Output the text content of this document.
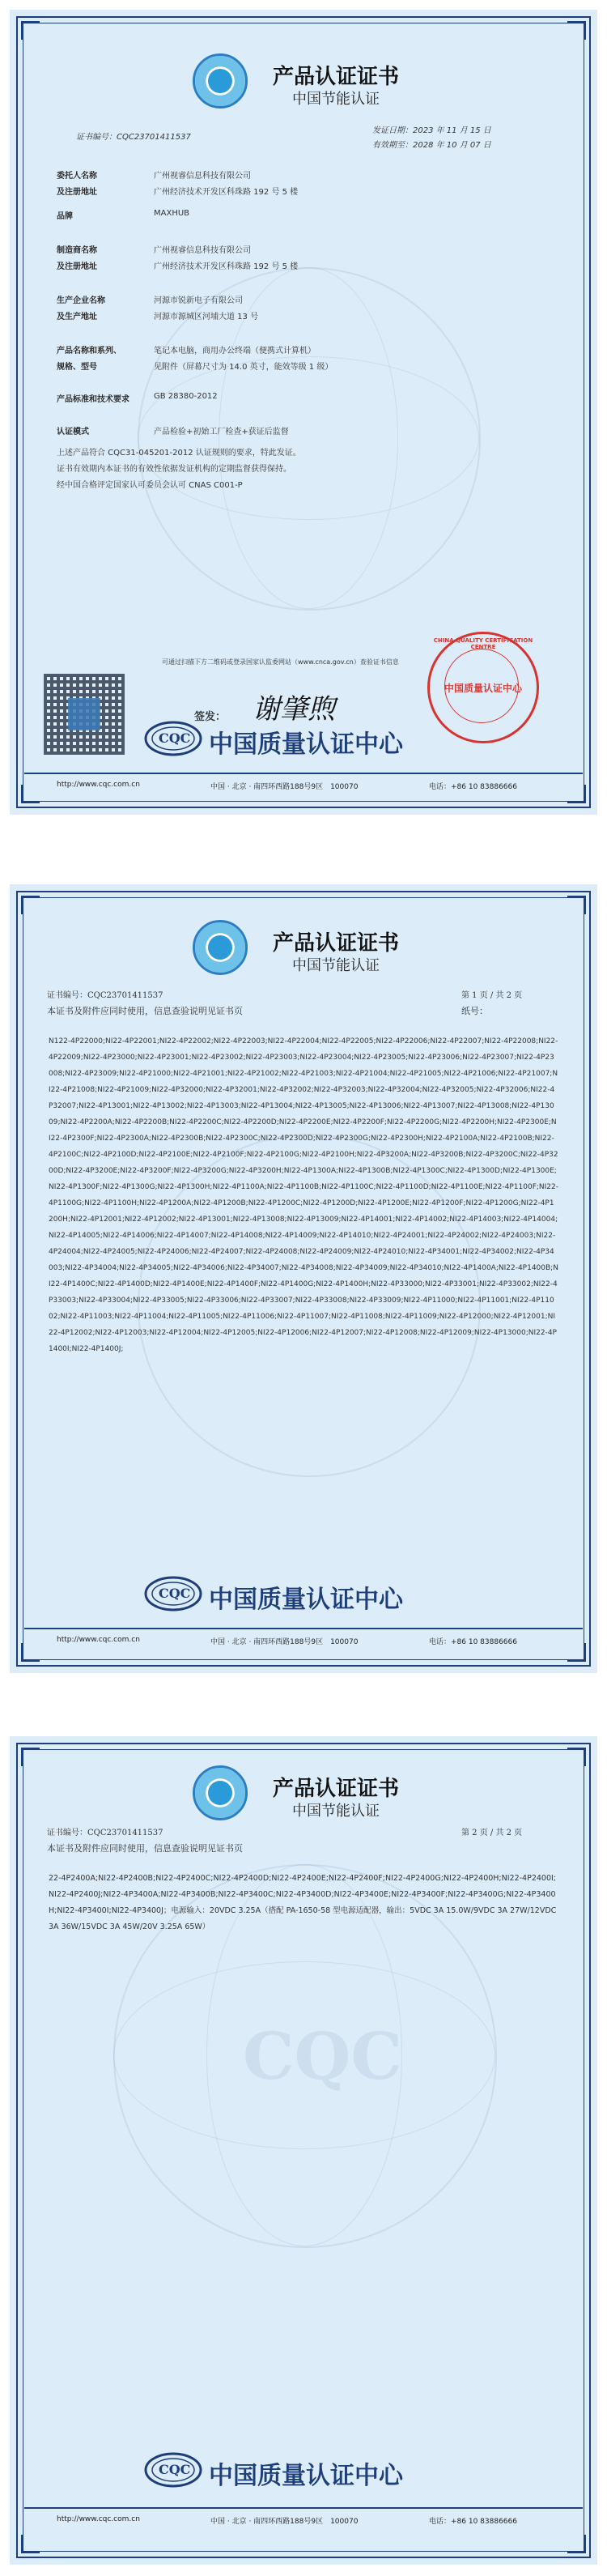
产品认证证书
中国节能认证
证书编号：CQC23701411537
发证日期：2023 年 11 月 15 日
有效期至：2028 年 10 月 07 日
委托人名称	广州视睿信息科技有限公司
及注册地址	广州经济技术开发区科珠路 192 号 5 楼
品牌	MAXHUB
制造商名称	广州视睿信息科技有限公司
及注册地址	广州经济技术开发区科珠路 192 号 5 楼
生产企业名称	河源市锐新电子有限公司
及生产地址	河源市源城区河埔大道 13 号
产品名称和系列、	笔记本电脑，商用办公终端（便携式计算机）
规格、型号	见附件（屏幕尺寸为 14.0 英寸，能效等级 1 级）
产品标准和技术要求	GB 28380-2012
认证模式	产品检验+初始工厂检查+获证后监督
上述产品符合 CQC31-045201-2012 认证规则的要求，特此发证。
证书有效期内本证书的有效性依据发证机构的定期监督获得保持。
经中国合格评定国家认可委员会认可 CNAS C001-P
可通过扫描下方二维码或登录国家认监委网站（www.cnca.gov.cn）查验证书信息
签发： 谢肇煦
CHINA QUALITY CERTIFICATION CENTRE
中国质量认证中心
CQC 中国质量认证中心
http://www.cqc.com.cn	中国 · 北京 · 南四环西路188号9区　100070	电话：+86 10 83886666
产品认证证书
中国节能认证
证书编号：CQC23701411537	第 1 页 / 共 2 页
本证书及附件应同时使用，信息查验说明见证书页	纸号：
N122-4P22000;NI22-4P22001;NI22-4P22002;NI22-4P22003;NI22-4P22004;NI22-4P22005;NI22-4P22006;NI22-4P22007;NI22-4P22008;NI22-4P22009;NI22-4P23000;NI22-4P23001;NI22-4P23002;NI22-4P23003;NI22-4P23004;NI22-4P23005;NI22-4P23006;NI22-4P23007;NI22-4P23008;NI22-4P23009;NI22-4P21000;NI22-4P21001;NI22-4P21002;NI22-4P21003;NI22-4P21004;NI22-4P21005;NI22-4P21006;NI22-4P21007;NI22-4P21008;NI22-4P21009;NI22-4P32000;NI22-4P32001;NI22-4P32002;NI22-4P32003;NI22-4P32004;NI22-4P32005;NI22-4P32006;NI22-4P32007;NI22-4P13001;NI22-4P13002;NI22-4P13003;NI22-4P13004;NI22-4P13005;NI22-4P13006;NI22-4P13007;NI22-4P13008;NI22-4P13009;NI22-4P2200A;NI22-4P2200B;NI22-4P2200C;NI22-4P2200D;NI22-4P2200E;NI22-4P2200F;NI22-4P2200G;NI22-4P2200H;NI22-4P2300E;NI22-4P2300F;NI22-4P2300A;NI22-4P2300B;NI22-4P2300C;NI22-4P2300D;NI22-4P2300G;NI22-4P2300H;NI22-4P2100A;NI22-4P2100B;NI22-4P2100C;NI22-4P2100D;NI22-4P2100E;NI22-4P2100F;NI22-4P2100G;NI22-4P2100H;NI22-4P3200A;NI22-4P3200B;NI22-4P3200C;NI22-4P3200D;NI22-4P3200E;NI22-4P3200F;NI22-4P3200G;NI22-4P3200H;NI22-4P1300A;NI22-4P1300B;NI22-4P1300C;NI22-4P1300D;NI22-4P1300E;NI22-4P1300F;NI22-4P1300G;NI22-4P1300H;NI22-4P1100A;NI22-4P1100B;NI22-4P1100C;NI22-4P1100D;NI22-4P1100E;NI22-4P1100F;NI22-4P1100G;NI22-4P1100H;NI22-4P1200A;NI22-4P1200B;NI22-4P1200C;NI22-4P1200D;NI22-4P1200E;NI22-4P1200F;NI22-4P1200G;NI22-4P1200H;NI22-4P12001;NI22-4P12002;NI22-4P13001;NI22-4P13008;NI22-4P13009;NI22-4P14001;NI22-4P14002;NI22-4P14003;NI22-4P14004;NI22-4P14005;NI22-4P14006;NI22-4P14007;NI22-4P14008;NI22-4P14009;NI22-4P14010;NI22-4P24001;NI22-4P24002;NI22-4P24003;NI22-4P24004;NI22-4P24005;NI22-4P24006;NI22-4P24007;NI22-4P24008;NI22-4P24009;NI22-4P24010;NI22-4P34001;NI22-4P34002;NI22-4P34003;NI22-4P34004;NI22-4P34005;NI22-4P34006;NI22-4P34007;NI22-4P34008;NI22-4P34009;NI22-4P34010;NI22-4P1400A;NI22-4P1400B;NI22-4P1400C;NI22-4P1400D;NI22-4P1400E;NI22-4P1400F;NI22-4P1400G;NI22-4P1400H;NI22-4P33000;NI22-4P33001;NI22-4P33002;NI22-4P33003;NI22-4P33004;NI22-4P33005;NI22-4P33006;NI22-4P33007;NI22-4P33008;NI22-4P33009;NI22-4P11000;NI22-4P11001;NI22-4P11002;NI22-4P11003;NI22-4P11004;NI22-4P11005;NI22-4P11006;NI22-4P11007;NI22-4P11008;NI22-4P11009;NI22-4P12000;NI22-4P12001;NI22-4P12002;NI22-4P12003;NI22-4P12004;NI22-4P12005;NI22-4P12006;NI22-4P12007;NI22-4P12008;NI22-4P12009;NI22-4P13000;NI22-4P1400I;NI22-4P1400J;
CQC 中国质量认证中心
http://www.cqc.com.cn	中国 · 北京 · 南四环西路188号9区　100070	电话：+86 10 83886666
CQC
产品认证证书
中国节能认证
证书编号：CQC23701411537	第 2 页 / 共 2 页
本证书及附件应同时使用，信息查验说明见证书页
22-4P2400A;NI22-4P2400B;NI22-4P2400C;NI22-4P2400D;NI22-4P2400E;NI22-4P2400F;NI22-4P2400G;NI22-4P2400H;NI22-4P2400I;NI22-4P2400J;NI22-4P3400A;NI22-4P3400B;NI22-4P3400C;NI22-4P3400D;NI22-4P3400E;NI22-4P3400F;NI22-4P3400G;NI22-4P3400H;NI22-4P3400I;NI22-4P3400J；电源输入：20VDC 3.25A（搭配 PA-1650-58 型电源适配器，输出：5VDC 3A 15.0W/9VDC 3A 27W/12VDC 3A 36W/15VDC 3A 45W/20V 3.25A 65W）
CQC 中国质量认证中心
http://www.cqc.com.cn	中国 · 北京 · 南四环西路188号9区　100070	电话：+86 10 83886666
